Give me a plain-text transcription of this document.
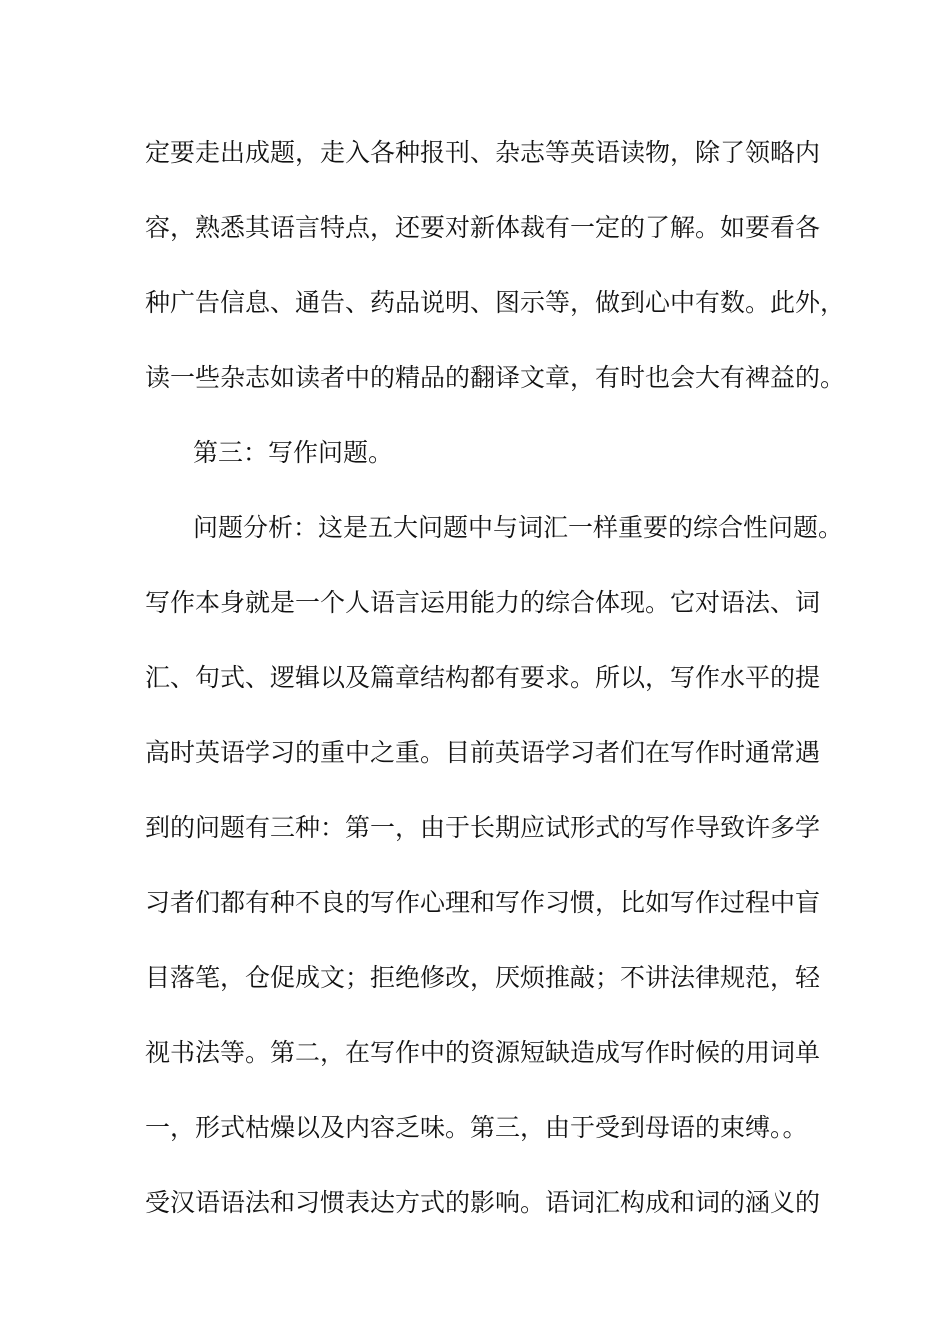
定要走出成题，走入各种报刊、杂志等英语读物，除了领略内
容，熟悉其语言特点，还要对新体裁有一定的了解。如要看各
种广告信息、通告、药品说明、图示等，做到心中有数。此外，
读一些杂志如读者中的精品的翻译文章，有时也会大有裨益的。
第三：写作问题。
问题分析：这是五大问题中与词汇一样重要的综合性问题。
写作本身就是一个人语言运用能力的综合体现。它对语法、词
汇、句式、逻辑以及篇章结构都有要求。所以，写作水平的提
高时英语学习的重中之重。目前英语学习者们在写作时通常遇
到的问题有三种：第一，由于长期应试形式的写作导致许多学
习者们都有种不良的写作心理和写作习惯，比如写作过程中盲
目落笔，仓促成文；拒绝修改，厌烦推敲；不讲法律规范，轻
视书法等。第二，在写作中的资源短缺造成写作时候的用词单
一，形式枯燥以及内容乏味。第三，由于受到母语的束缚。。
受汉语语法和习惯表达方式的影响。语词汇构成和词的涵义的
